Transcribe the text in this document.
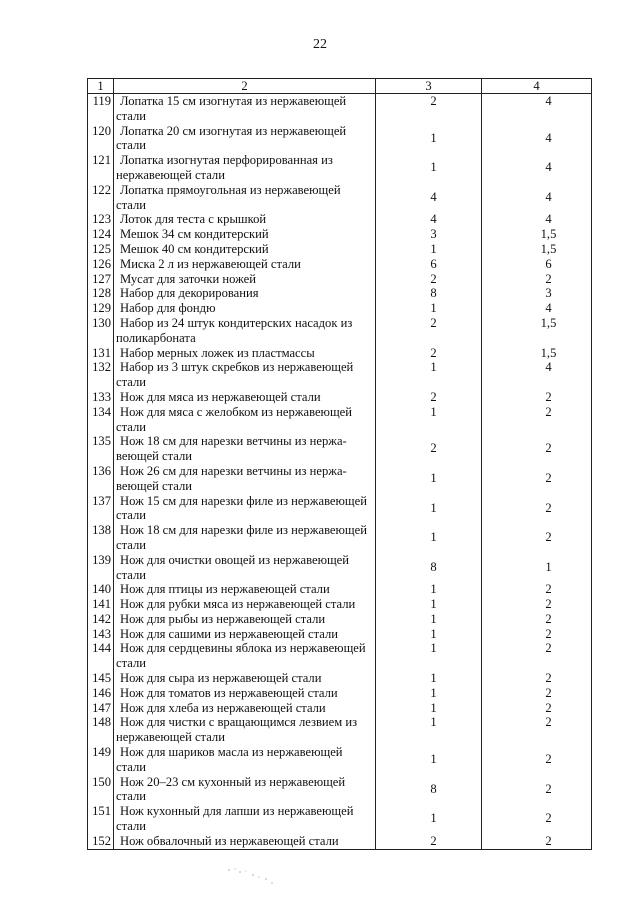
22
1	2	3	4
119	Лопатка 15 см изогнутая из нержавеющей стали	2	4
120	Лопатка 20 см изогнутая из нержавеющей стали	1	4
121	Лопатка изогнутая перфорированная из нержавеющей стали	1	4
122	Лопатка прямоугольная из нержавеющей стали	4	4
123	Лоток для теста с крышкой	4	4
124	Мешок 34 см кондитерский	3	1,5
125	Мешок 40 см кондитерский	1	1,5
126	Миска 2 л из нержавеющей стали	6	6
127	Мусат для заточки ножей	2	2
128	Набор для декорирования	8	3
129	Набор для фондю	1	4
130	Набор из 24 штук кондитерских насадок из поликарбоната	2	1,5
131	Набор мерных ложек из пластмассы	2	1,5
132	Набор из 3 штук скребков из нержавеющей стали	1	4
133	Нож для мяса из нержавеющей стали	2	2
134	Нож для мяса с желобком из нержавеющей стали	1	2
135	Нож 18 см для нарезки ветчины из нержа-веющей стали	2	2
136	Нож 26 см для нарезки ветчины из нержа-веющей стали	1	2
137	Нож 15 см для нарезки филе из нержавеющей стали	1	2
138	Нож 18 см для нарезки филе из нержавеющей стали	1	2
139	Нож для очистки овощей из нержавеющей стали	8	1
140	Нож для птицы из нержавеющей стали	1	2
141	Нож для рубки мяса из нержавеющей стали	1	2
142	Нож для рыбы из нержавеющей стали	1	2
143	Нож для сашими из нержавеющей стали	1	2
144	Нож для сердцевины яблока из нержавеющей стали	1	2
145	Нож для сыра из нержавеющей стали	1	2
146	Нож для томатов из нержавеющей стали	1	2
147	Нож для хлеба из нержавеющей стали	1	2
148	Нож для чистки с вращающимся лезвием из нержавеющей стали	1	2
149	Нож для шариков масла из нержавеющей стали	1	2
150	Нож 20–23 см кухонный из нержавеющей стали	8	2
151	Нож кухонный для лапши из нержавеющей стали	1	2
152	Нож обвалочный из нержавеющей стали	2	2
